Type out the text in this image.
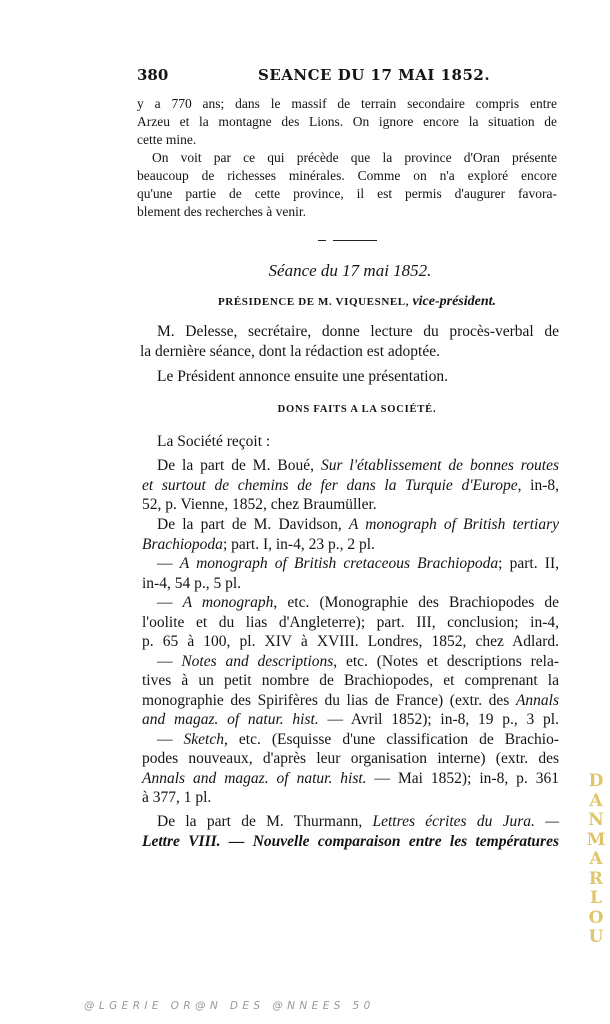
380	SEANCE DU 17 MAI 1852.

y a 770 ans; dans le massif de terrain secondaire compris entre
Arzeu et la montagne des Lions. On ignore encore la situation de
cette mine.

On voit par ce qui précède que la province d'Oran présente
beaucoup de richesses minérales. Comme on n'a exploré encore
qu'une partie de cette province, il est permis d'augurer favora-
blement des recherches à venir.

Séance du 17 mai 1852.

PRÉSIDENCE DE M. VIQUESNEL, vice-président.

M. Delesse, secrétaire, donne lecture du procès-verbal de
la dernière séance, dont la rédaction est adoptée.

Le Président annonce ensuite une présentation.

DONS FAITS A LA SOCIÉTÉ.

La Société reçoit :

De la part de M. Boué, Sur l'établissement de bonnes routes
et surtout de chemins de fer dans la Turquie d'Europe, in-8,
52, p. Vienne, 1852, chez Braumüller.
De la part de M. Davidson, A monograph of British tertiary
Brachiopoda; part. I, in-4, 23 p., 2 pl.
— A monograph of British cretaceous Brachiopoda; part. II,
in-4, 54 p., 5 pl.
— A monograph, etc. (Monographie des Brachiopodes de
l'oolite et du lias d'Angleterre); part. III, conclusion; in-4,
p. 65 à 100, pl. XIV à XVIII. Londres, 1852, chez Adlard.
— Notes and descriptions, etc. (Notes et descriptions rela-
tives à un petit nombre de Brachiopodes, et comprenant la
monographie des Spirifères du lias de France) (extr. des Annals
and magaz. of natur. hist. — Avril 1852); in-8, 19 p., 3 pl.
— Sketch, etc. (Esquisse d'une classification de Brachio-
podes nouveaux, d'après leur organisation interne) (extr. des
Annals and magaz. of natur. hist. — Mai 1852); in-8, p. 361
à 377, 1 pl.
De la part de M. Thurmann, Lettres écrites du Jura. —
Lettre VIII. — Nouvelle comparaison entre les températures
D
A
N
M
A
R
L
O
U
@LGERIE OR@N DES @NNEES 50
